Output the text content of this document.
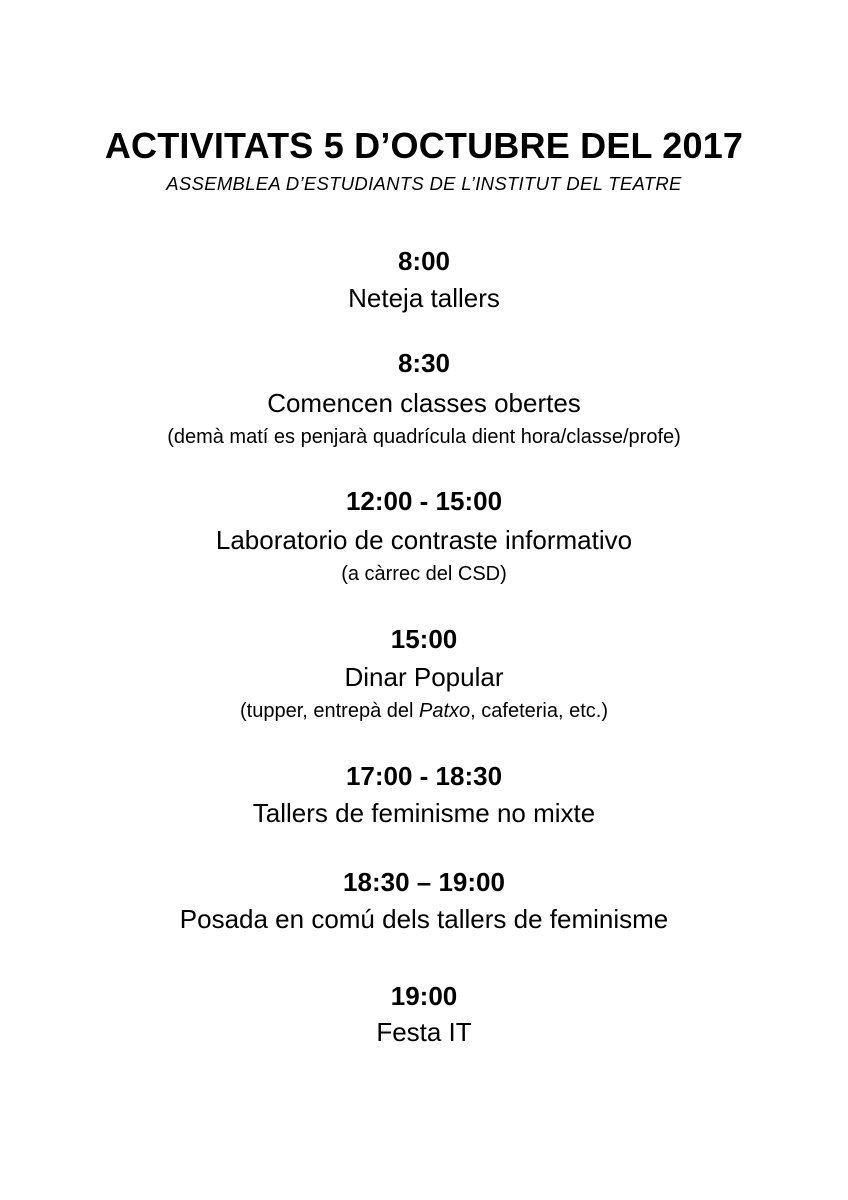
ACTIVITATS 5 D’OCTUBRE DEL 2017
ASSEMBLEA D’ESTUDIANTS DE L’INSTITUT DEL TEATRE
8:00
Neteja tallers
8:30
Comencen classes obertes
(demà matí es penjarà quadrícula dient hora/classe/profe)
12:00 - 15:00
Laboratorio de contraste informativo
(a càrrec del CSD)
15:00
Dinar Popular
(tupper, entrepà del Patxo, cafeteria, etc.)
17:00 - 18:30
Tallers de feminisme no mixte
18:30 – 19:00
Posada en comú dels tallers de feminisme
19:00
Festa IT
